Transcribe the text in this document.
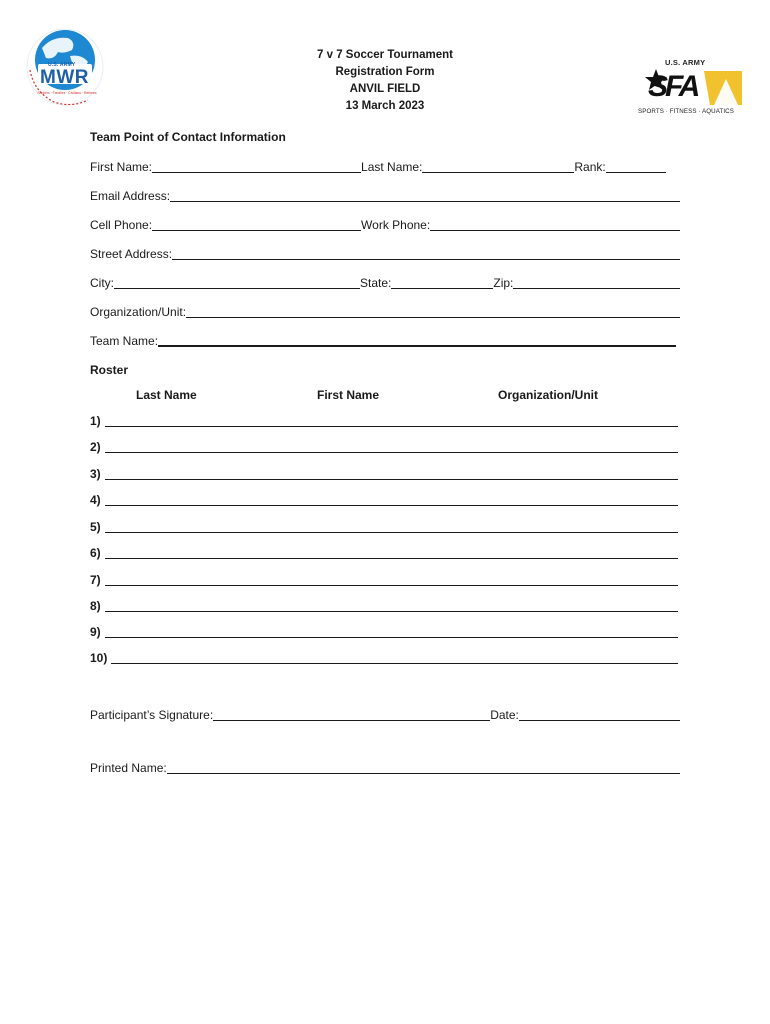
U.S. ARMY
MWR
Soldiers · Families · Civilians · Retirees
7 v 7 Soccer Tournament
Registration Form
ANVIL FIELD
13 March 2023
U.S. ARMY
SFA
SPORTS · FITNESS · AQUATICS
Team Point of Contact Information
First Name:	Last Name:	Rank:
Email Address:
Cell Phone:	Work Phone:
Street Address:
City:	State:	Zip:
Organization/Unit:
Team Name:
Roster
Last Name	First Name	Organization/Unit
1)
2)
3)
4)
5)
6)
7)
8)
9)
10)
Participant’s Signature:	Date:
Printed Name:
